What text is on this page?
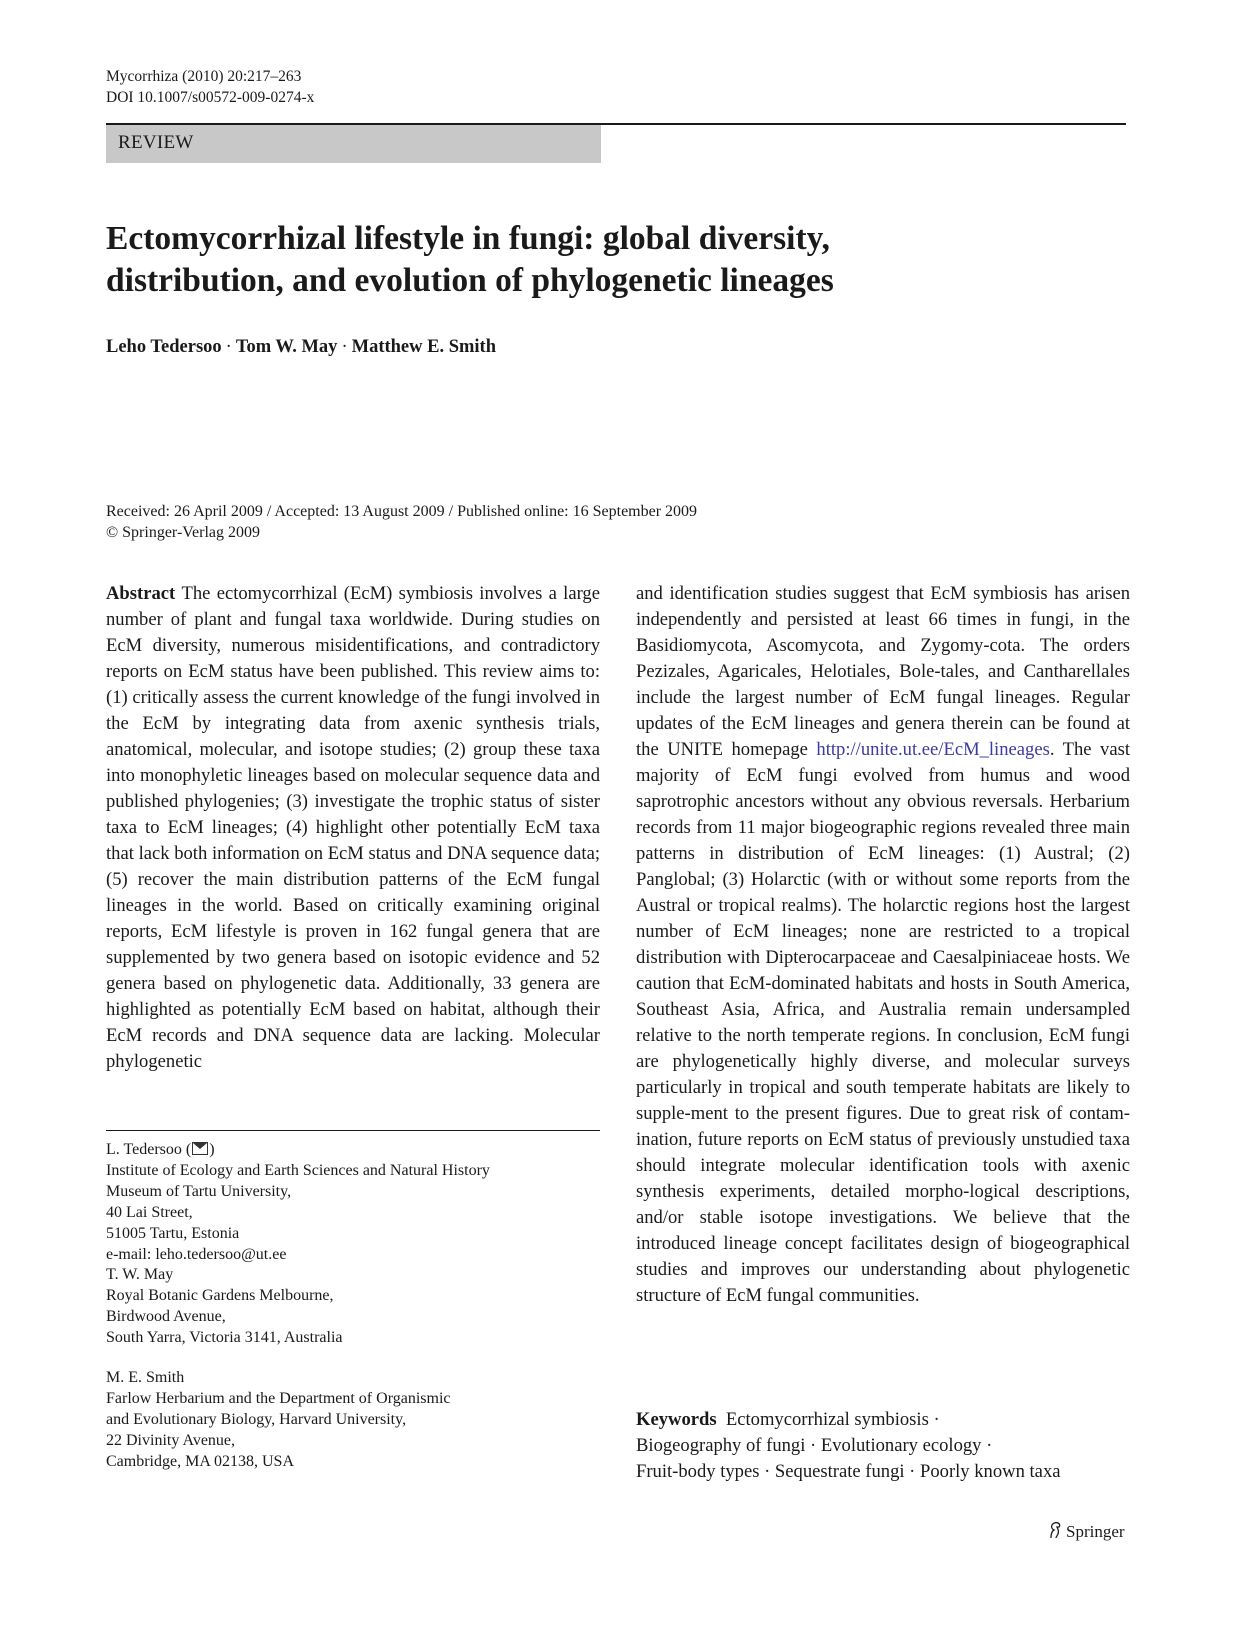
Mycorrhiza (2010) 20:217–263
DOI 10.1007/s00572-009-0274-x
REVIEW
Ectomycorrhizal lifestyle in fungi: global diversity,
distribution, and evolution of phylogenetic lineages
Leho Tedersoo · Tom W. May · Matthew E. Smith
Received: 26 April 2009 / Accepted: 13 August 2009 / Published online: 16 September 2009
© Springer-Verlag 2009
Abstract The ectomycorrhizal (EcM) symbiosis involves a large number of plant and fungal taxa worldwide. During studies on EcM diversity, numerous misidentifications, and contradictory reports on EcM status have been published. This review aims to: (1) critically assess the current knowledge of the fungi involved in the EcM by integrating data from axenic synthesis trials, anatomical, molecular, and isotope studies; (2) group these taxa into monophyletic lineages based on molecular sequence data and published phylogenies; (3) investigate the trophic status of sister taxa to EcM lineages; (4) highlight other potentially EcM taxa that lack both information on EcM status and DNA sequence data; (5) recover the main distribution patterns of the EcM fungal lineages in the world. Based on critically examining original reports, EcM lifestyle is proven in 162 fungal genera that are supplemented by two genera based on isotopic evidence and 52 genera based on phylogenetic data. Additionally, 33 genera are highlighted as potentially EcM based on habitat, although their EcM records and DNA sequence data are lacking. Molecular phylogenetic
and identification studies suggest that EcM symbiosis has arisen independently and persisted at least 66 times in fungi, in the Basidiomycota, Ascomycota, and Zygomy-cota. The orders Pezizales, Agaricales, Helotiales, Bole-tales, and Cantharellales include the largest number of EcM fungal lineages. Regular updates of the EcM lineages and genera therein can be found at the UNITE homepage http://unite.ut.ee/EcM_lineages. The vast majority of EcM fungi evolved from humus and wood saprotrophic ancestors without any obvious reversals. Herbarium records from 11 major biogeographic regions revealed three main patterns in distribution of EcM lineages: (1) Austral; (2) Panglobal; (3) Holarctic (with or without some reports from the Austral or tropical realms). The holarctic regions host the largest number of EcM lineages; none are restricted to a tropical distribution with Dipterocarpaceae and Caesalpiniaceae hosts. We caution that EcM-dominated habitats and hosts in South America, Southeast Asia, Africa, and Australia remain undersampled relative to the north temperate regions. In conclusion, EcM fungi are phylogenetically highly diverse, and molecular surveys particularly in tropical and south temperate habitats are likely to supple-ment to the present figures. Due to great risk of contam-ination, future reports on EcM status of previously unstudied taxa should integrate molecular identification tools with axenic synthesis experiments, detailed morpho-logical descriptions, and/or stable isotope investigations. We believe that the introduced lineage concept facilitates design of biogeographical studies and improves our understanding about phylogenetic structure of EcM fungal communities.
L. Tedersoo ( )
Institute of Ecology and Earth Sciences and Natural History
Museum of Tartu University,
40 Lai Street,
51005 Tartu, Estonia
e-mail: leho.tedersoo@ut.ee
T. W. May
Royal Botanic Gardens Melbourne,
Birdwood Avenue,
South Yarra, Victoria 3141, Australia
M. E. Smith
Farlow Herbarium and the Department of Organismic
and Evolutionary Biology, Harvard University,
22 Divinity Avenue,
Cambridge, MA 02138, USA
Keywords Ectomycorrhizal symbiosis ·
Biogeography of fungi · Evolutionary ecology ·
Fruit-body types · Sequestrate fungi · Poorly known taxa
Springer
